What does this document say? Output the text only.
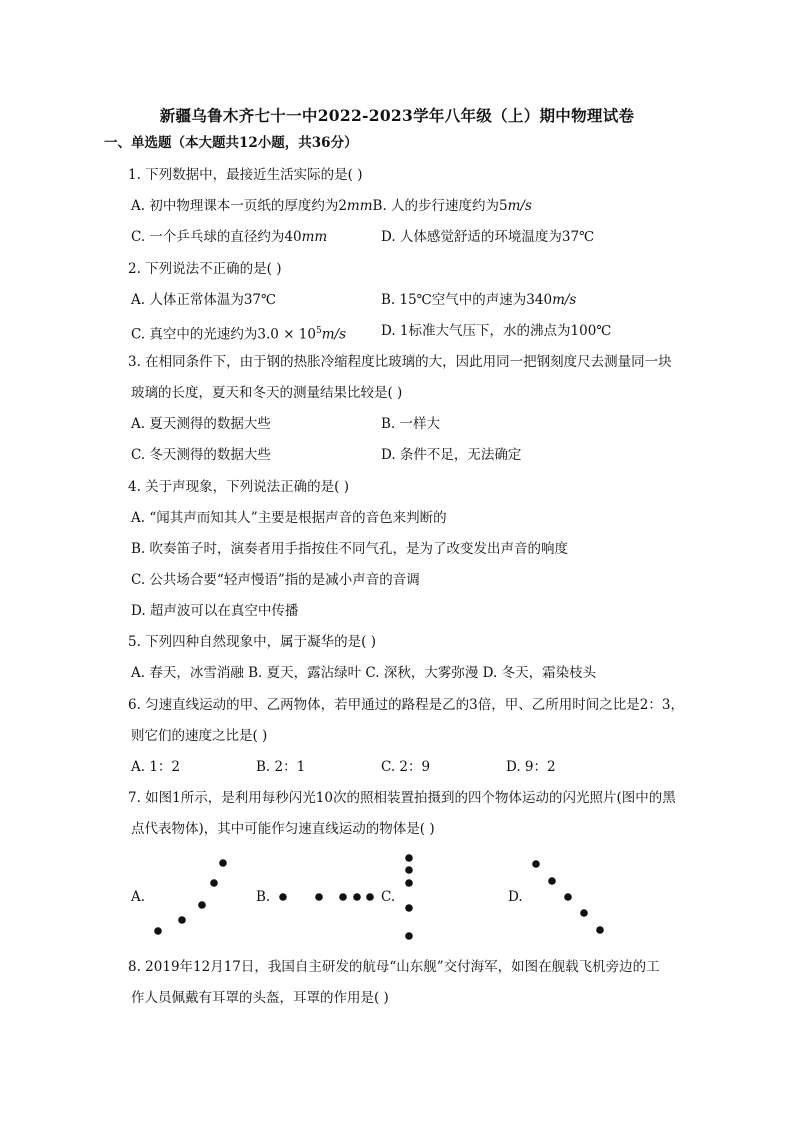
新疆乌鲁木齐七十一中2022-2023学年八年级（上）期中物理试卷
一、单选题（本大题共12小题，共36分）
1. 下列数据中，最接近生活实际的是( )
A. 初中物理课本一页纸的厚度约为2mmB. 人的步行速度约为5m/s
C. 一个乒乓球的直径约为40mm	D. 人体感觉舒适的环境温度为37℃
2. 下列说法不正确的是( )
A. 人体正常体温为37℃	B. 15℃空气中的声速为340m/s
C. 真空中的光速约为$3.0 \times 10^5m/s$	D. 1标准大气压下，水的沸点为100℃
3. 在相同条件下，由于钢的热胀冷缩程度比玻璃的大，因此用同一把钢刻度尺去测量同一块
玻璃的长度，夏天和冬天的测量结果比较是( )
A. 夏天测得的数据大些	B. 一样大
C. 冬天测得的数据大些	D. 条件不足，无法确定
4. 关于声现象，下列说法正确的是( )
A. “闻其声而知其人”主要是根据声音的音色来判断的
B. 吹奏笛子时，演奏者用手指按住不同气孔，是为了改变发出声音的响度
C. 公共场合要“轻声慢语”指的是减小声音的音调
D. 超声波可以在真空中传播
5. 下列四种自然现象中，属于凝华的是( )
A. 春天，冰雪消融 B. 夏天，露沾绿叶 C. 深秋，大雾弥漫 D. 冬天，霜染枝头
6. 匀速直线运动的甲、乙两物体，若甲通过的路程是乙的3倍，甲、乙所用时间之比是2：3，
则它们的速度之比是( )
A. 1：2	B. 2：1	C. 2：9	D. 9：2
7. 如图1所示，是利用每秒闪光10次的照相装置拍摄到的四个物体运动的闪光照片(图中的黑
点代表物体)，其中可能作匀速直线运动的物体是( )
A.	B.	C.	D.
8. 2019年12月17日，我国自主研发的航母“山东舰”交付海军，如图在舰载飞机旁边的工
作人员佩戴有耳罩的头盔，耳罩的作用是( )
